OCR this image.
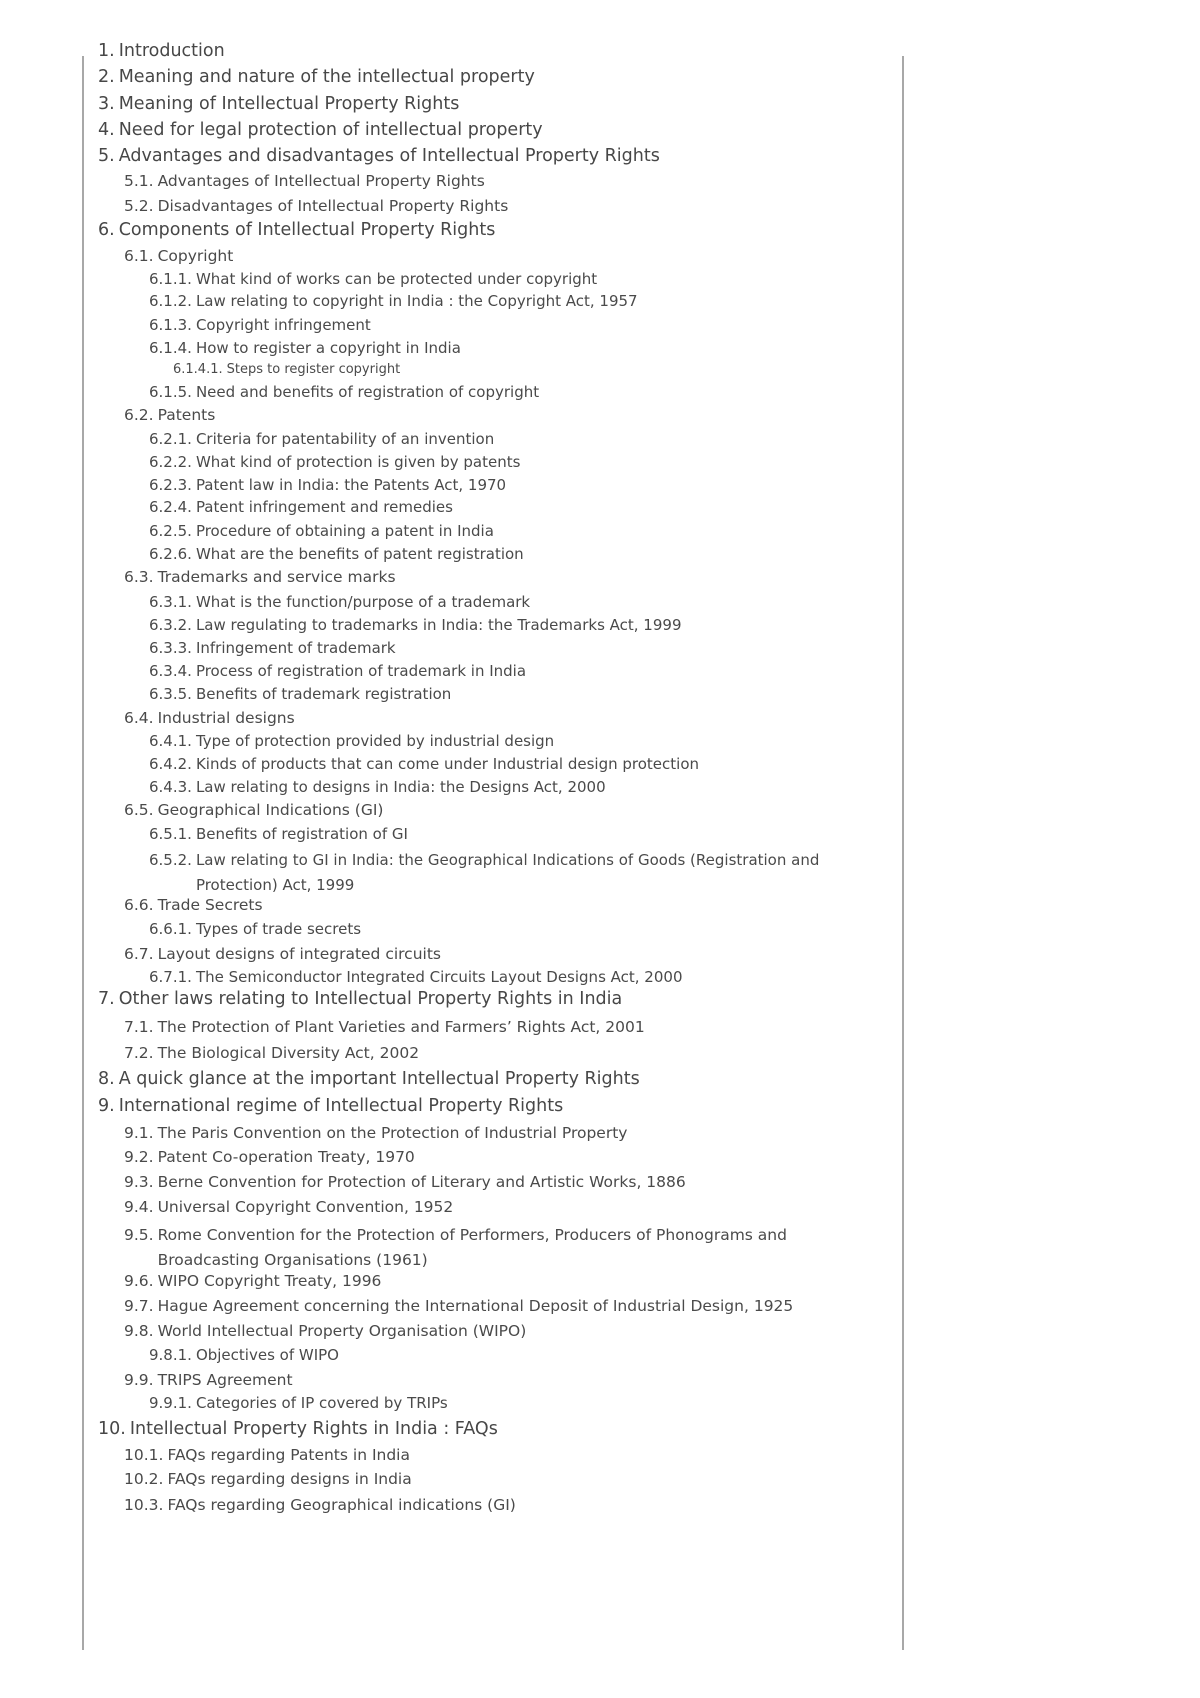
1. Introduction
2. Meaning and nature of the intellectual property
3. Meaning of Intellectual Property Rights
4. Need for legal protection of intellectual property
5. Advantages and disadvantages of Intellectual Property Rights
5.1. Advantages of Intellectual Property Rights
5.2. Disadvantages of Intellectual Property Rights
6. Components of Intellectual Property Rights
6.1. Copyright
6.1.1. What kind of works can be protected under copyright
6.1.2. Law relating to copyright in India : the Copyright Act, 1957
6.1.3. Copyright infringement
6.1.4. How to register a copyright in India
6.1.4.1. Steps to register copyright
6.1.5. Need and benefits of registration of copyright
6.2. Patents
6.2.1. Criteria for patentability of an invention
6.2.2. What kind of protection is given by patents
6.2.3. Patent law in India: the Patents Act, 1970
6.2.4. Patent infringement and remedies
6.2.5. Procedure of obtaining a patent in India
6.2.6. What are the benefits of patent registration
6.3. Trademarks and service marks
6.3.1. What is the function/purpose of a trademark
6.3.2. Law regulating to trademarks in India: the Trademarks Act, 1999
6.3.3. Infringement of trademark
6.3.4. Process of registration of trademark in India
6.3.5. Benefits of trademark registration
6.4. Industrial designs
6.4.1. Type of protection provided by industrial design
6.4.2. Kinds of products that can come under Industrial design protection
6.4.3. Law relating to designs in India: the Designs Act, 2000
6.5. Geographical Indications (GI)
6.5.1. Benefits of registration of GI
6.5.2. Law relating to GI in India: the Geographical Indications of Goods (Registration and Protection) Act, 1999
6.6. Trade Secrets
6.6.1. Types of trade secrets
6.7. Layout designs of integrated circuits
6.7.1. The Semiconductor Integrated Circuits Layout Designs Act, 2000
7. Other laws relating to Intellectual Property Rights in India
7.1. The Protection of Plant Varieties and Farmers’ Rights Act, 2001
7.2. The Biological Diversity Act, 2002
8. A quick glance at the important Intellectual Property Rights
9. International regime of Intellectual Property Rights
9.1. The Paris Convention on the Protection of Industrial Property
9.2. Patent Co-operation Treaty, 1970
9.3. Berne Convention for Protection of Literary and Artistic Works, 1886
9.4. Universal Copyright Convention, 1952
9.5. Rome Convention for the Protection of Performers, Producers of Phonograms and Broadcasting Organisations (1961)
9.6. WIPO Copyright Treaty, 1996
9.7. Hague Agreement concerning the International Deposit of Industrial Design, 1925
9.8. World Intellectual Property Organisation (WIPO)
9.8.1. Objectives of WIPO
9.9. TRIPS Agreement
9.9.1. Categories of IP covered by TRIPs
10. Intellectual Property Rights in India : FAQs
10.1. FAQs regarding Patents in India
10.2. FAQs regarding designs in India
10.3. FAQs regarding Geographical indications (GI)
